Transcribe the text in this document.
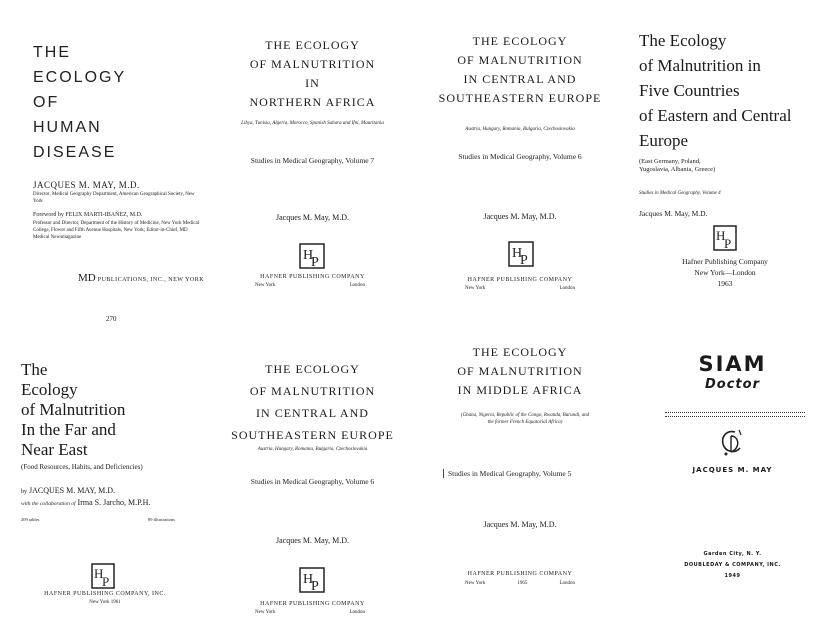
THE
ECOLOGY
OF
HUMAN
DISEASE
JACQUES M. MAY, M.D.
Director, Medical Geography Department, American Geographical Society, New York
Foreword by FELIX MARTI-IBAÑEZ, M.D.
Professor and Director, Department of the History of Medicine, New York Medical College, Flower and Fifth Avenue Hospitals, New York; Editor-in-Chief, MD Medical Newsmagazine
MD PUBLICATIONS, INC., NEW YORK
270
THE ECOLOGY
OF MALNUTRITION
IN
NORTHERN AFRICA
Libya, Tunisia, Algeria, Morocco, Spanish Sahara and Ifni, Mauritania
Studies in Medical Geography, Volume 7
Jacques M. May, M.D.
H
P
HAFNER PUBLISHING COMPANY
New York	London
THE ECOLOGY
OF MALNUTRITION
IN CENTRAL AND
SOUTHEASTERN EUROPE
Austria, Hungary, Romania, Bulgaria, Czechoslovakia
Studies in Medical Geography, Volume 6
Jacques M. May, M.D.
H
P
HAFNER PUBLISHING COMPANY
New York	London
The Ecology
of Malnutrition in
Five Countries
of Eastern and Central
Europe
(East Germany, Poland, Yugoslavia, Albania, Greece)
Studies in Medical Geography, Volume 4
Jacques M. May, M.D.
H
P
Hafner Publishing Company
New York—London
1963
The
Ecology
of Malnutrition
In the Far and
Near East
(Food Resources, Habits, and Deficiencies)
by JACQUES M. MAY, M.D.
with the collaboration of Irma S. Jarcho, M.P.H.
209 tables	89 illustrations
H
P
HAFNER PUBLISHING COMPANY, INC.
New York 1961
THE ECOLOGY
OF MALNUTRITION
IN CENTRAL AND
SOUTHEASTERN EUROPE
Austria, Hungary, Romania, Bulgaria, Czechoslovakia
Studies in Medical Geography, Volume 6
Jacques M. May, M.D.
H
P
HAFNER PUBLISHING COMPANY
New York	London
THE ECOLOGY
OF MALNUTRITION
IN MIDDLE AFRICA
(Ghana, Nigeria, Republic of the Congo, Rwanda, Burundi, and the former French Equatorial Africa)
Studies in Medical Geography, Volume 5
Jacques M. May, M.D.
HAFNER PUBLISHING COMPANY
New York	1965	London
SIAM
Doctor
JACQUES M. MAY
Garden City, N. Y.
DOUBLEDAY & COMPANY, INC.
1949
